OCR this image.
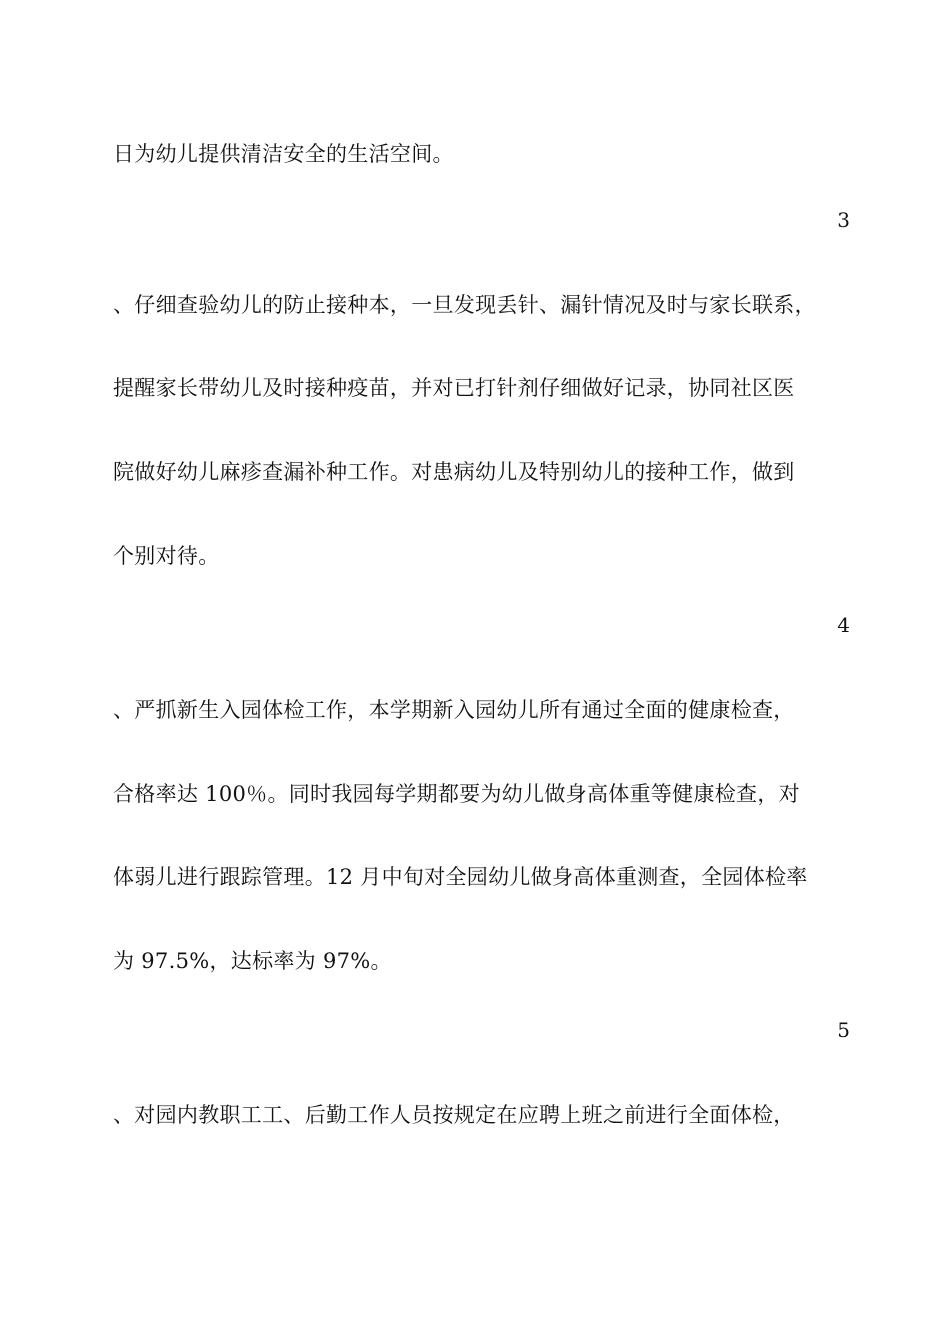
日为幼儿提供清洁安全的生活空间。
3
、仔细查验幼儿的防止接种本，一旦发现丢针、漏针情况及时与家长联系，
提醒家长带幼儿及时接种疫苗，并对已打针剂仔细做好记录，协同社区医
院做好幼儿麻疹查漏补种工作。对患病幼儿及特别幼儿的接种工作，做到
个别对待。
4
、严抓新生入园体检工作，本学期新入园幼儿所有通过全面的健康检查，
合格率达 100％。同时我园每学期都要为幼儿做身高体重等健康检查，对
体弱儿进行跟踪管理。12 月中旬对全园幼儿做身高体重测查，全园体检率
为 97.5%，达标率为 97%。
5
、对园内教职工工、后勤工作人员按规定在应聘上班之前进行全面体检，
